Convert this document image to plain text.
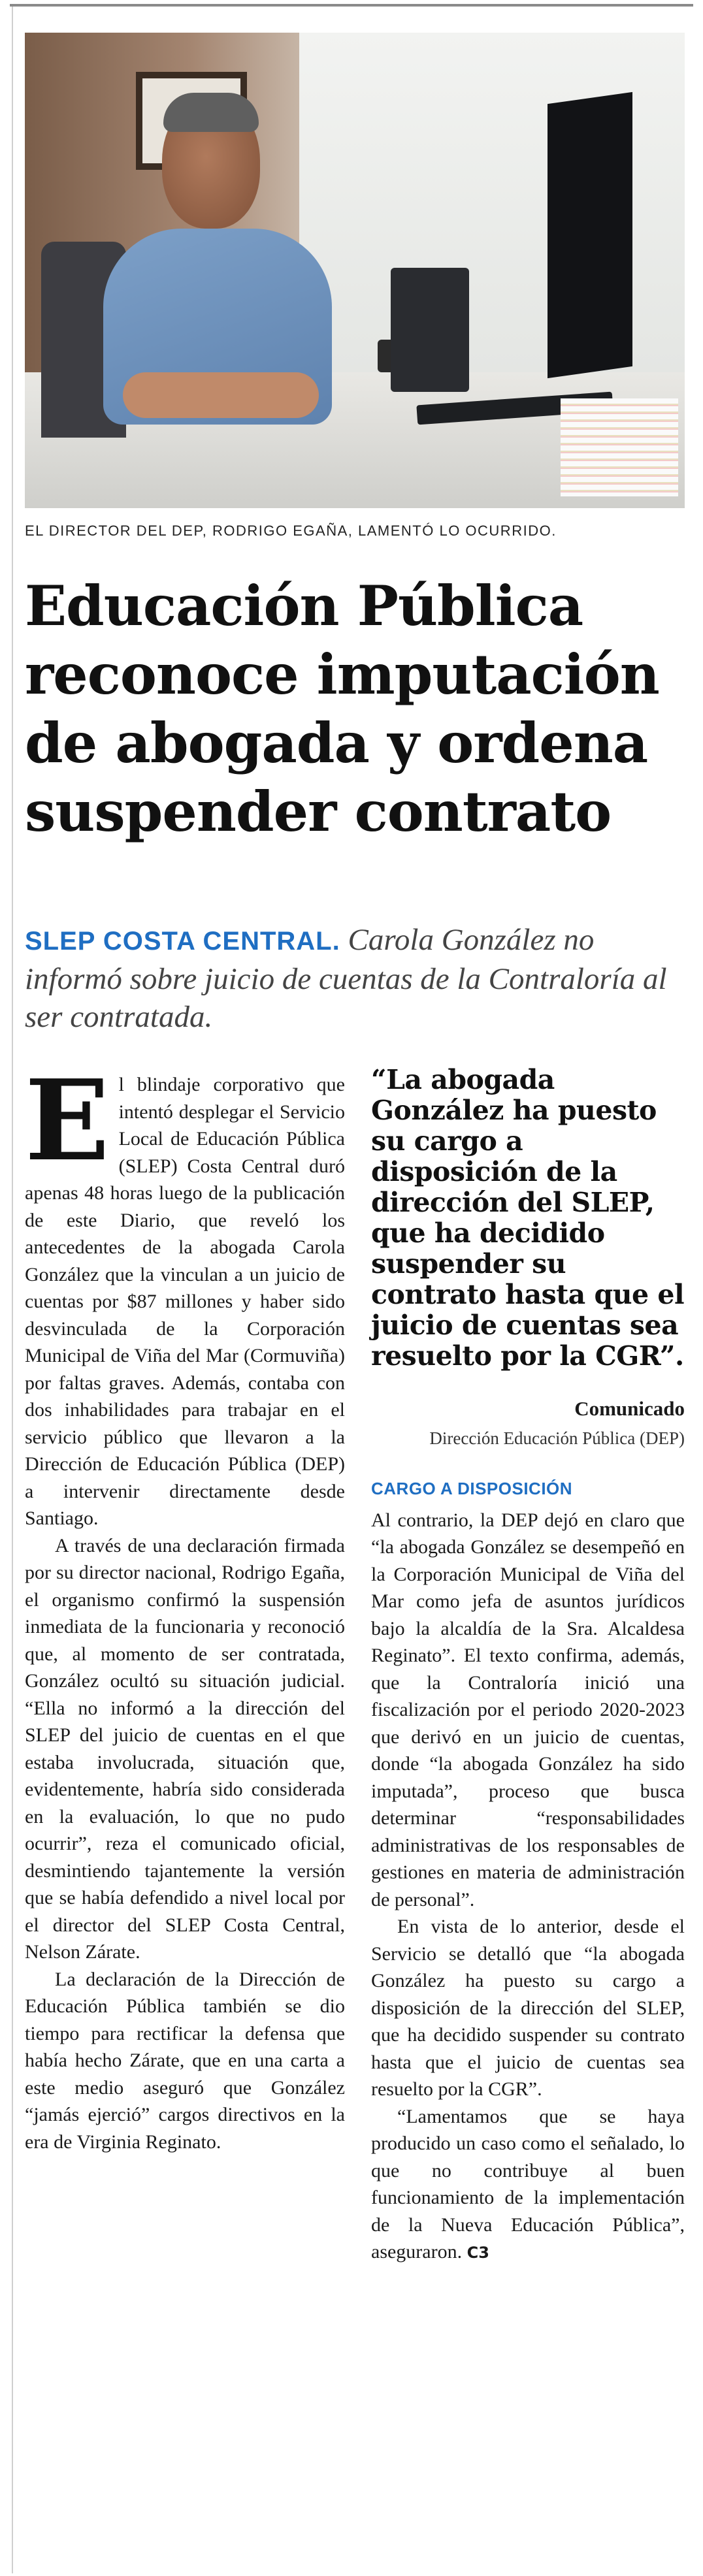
EL DIRECTOR DEL DEP, RODRIGO EGAÑA, LAMENTÓ LO OCURRIDO.

Educación Pública reconoce imputación de abogada y ordena suspender contrato

SLEP COSTA CENTRAL. Carola González no informó sobre juicio de cuentas de la Contraloría al ser contratada.

El blindaje corporativo que intentó desplegar el Servicio Local de Educación Pública (SLEP) Costa Central duró apenas 48 horas luego de la publicación de este Diario, que reveló los antecedentes de la abogada Carola González que la vinculan a un juicio de cuentas por $87 millones y haber sido desvinculada de la Corporación Municipal de Viña del Mar (Cormuviña) por faltas graves. Además, contaba con dos inhabilidades para trabajar en el servicio público que llevaron a la Dirección de Educación Pública (DEP) a intervenir directamente desde Santiago.

A través de una declaración firmada por su director nacional, Rodrigo Egaña, el organismo confirmó la suspensión inmediata de la funcionaria y reconoció que, al momento de ser contratada, González ocultó su situación judicial. “Ella no informó a la dirección del SLEP del juicio de cuentas en el que estaba involucrada, situación que, evidentemente, habría sido considerada en la evaluación, lo que no pudo ocurrir”, reza el comunicado oficial, desmintiendo tajantemente la versión que se había defendido a nivel local por el director del SLEP Costa Central, Nelson Zárate.

La declaración de la Dirección de Educación Pública también se dio tiempo para rectificar la defensa que había hecho Zárate, que en una carta a este medio aseguró que González “jamás ejerció” cargos directivos en la era de Virginia Reginato.

“La abogada González ha puesto su cargo a disposición de la dirección del SLEP, que ha decidido suspender su contrato hasta que el juicio de cuentas sea resuelto por la CGR”.

Comunicado

Dirección Educación Pública (DEP)

CARGO A DISPOSICIÓN

Al contrario, la DEP dejó en claro que “la abogada González se desempeñó en la Corporación Municipal de Viña del Mar como jefa de asuntos jurídicos bajo la alcaldía de la Sra. Alcaldesa Reginato”. El texto confirma, además, que la Contraloría inició una fiscalización por el periodo 2020-2023 que derivó en un juicio de cuentas, donde “la abogada González ha sido imputada”, proceso que busca determinar “responsabilidades administrativas de los responsables de gestiones en materia de administración de personal”.

En vista de lo anterior, desde el Servicio se detalló que “la abogada González ha puesto su cargo a disposición de la dirección del SLEP, que ha decidido suspender su contrato hasta que el juicio de cuentas sea resuelto por la CGR”.

“Lamentamos que se haya producido un caso como el señalado, lo que no contribuye al buen funcionamiento de la implementación de la Nueva Educación Pública”, aseguraron. C3
